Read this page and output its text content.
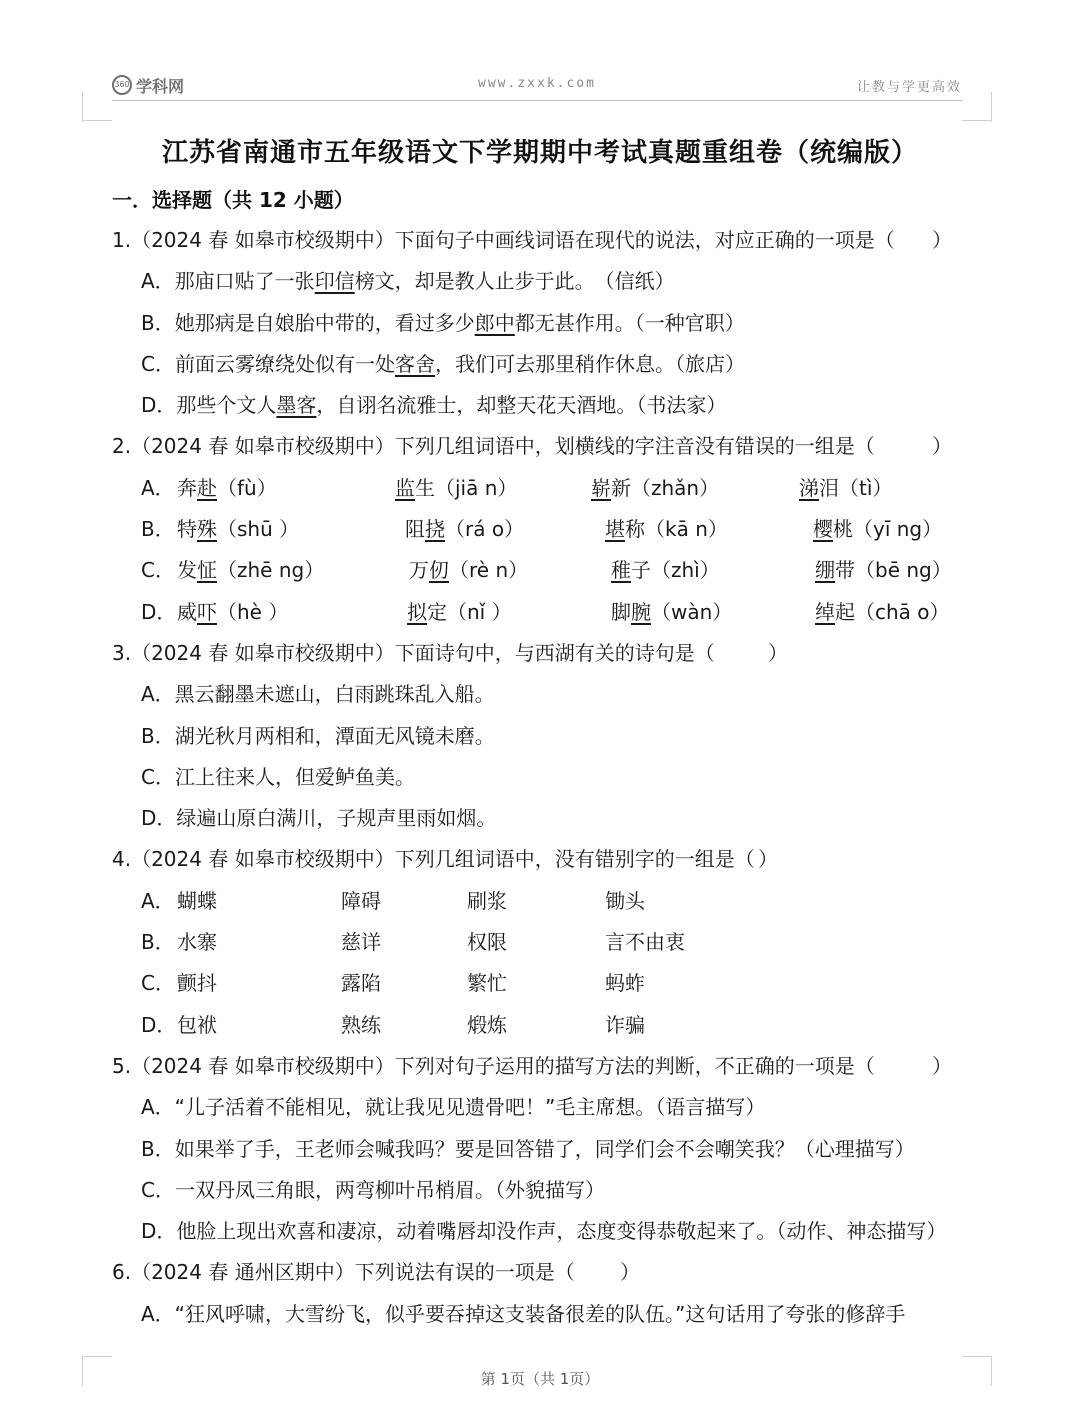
360 学科网	www.zxxk.com	让教与学更高效
江苏省南通市五年级语文下学期期中考试真题重组卷（统编版）
一．选择题（共 12 小题）
1.（2024 春 如皋市校级期中）下面句子中画线词语在现代的说法，对应正确的一项是（ ）
A．那庙口贴了一张印信榜文，却是教人止步于此。　（信纸）
B．她那病是自娘胎中带的，看过多少郎中都无甚作用。（一种官职）
C．前面云雾缭绕处似有一处客舍，我们可去那里稍作休息。（旅店）
D．那些个文人墨客，自诩名流雅士，却整天花天酒地。（书法家）
2.（2024 春 如皋市校级期中）下列几组词语中，划横线的字注音没有错误的一组是（	）
A． 奔赴（fù）	监生（jiā n）	崭新（zhǎn）	涕泪（tì）
B． 特殊（shū ）	阻挠（rá o）	堪称（kā n）	樱桃（yī ng）
C． 发怔（zhē ng）	万仞（rè n）	稚子（zhì）	绷带（bē ng）
D． 威吓（hè ）	拟定（nǐ ）	脚腕（wàn）	绰起（chā o）
3.（2024 春 如皋市校级期中）下面诗句中，与西湖有关的诗句是（	）
A．黑云翻墨未遮山，白雨跳珠乱入船。
B．湖光秋月两相和，潭面无风镜未磨。
C．江上往来人，但爱鲈鱼美。
D．绿遍山原白满川，子规声里雨如烟。
4.（2024 春 如皋市校级期中）下列几组词语中，没有错别字的一组是（ ）
A． 蝴蝶	障碍	刷浆	锄头
B． 水寨	慈详	权限	言不由衷
C． 颤抖	露陷	繁忙	蚂蚱
D． 包袱	熟练	煅炼	诈骗
5.（2024 春 如皋市校级期中）下列对句子运用的描写方法的判断，不正确的一项是（	）
A．“儿子活着不能相见，就让我见见遗骨吧！”毛主席想。（语言描写）
B．如果举了手，王老师会喊我吗？要是回答错了，同学们会不会嘲笑我？（心理描写）
C．一双丹凤三角眼，两弯柳叶吊梢眉。（外貌描写）
D．他脸上现出欢喜和凄凉，动着嘴唇却没作声，态度变得恭敬起来了。（动作、神态描写）
6.（2024 春 通州区期中）下列说法有误的一项是（ ）
A．“狂风呼啸，大雪纷飞，似乎要吞掉这支装备很差的队伍。”这句话用了夸张的修辞手
第 1页（共 1页）
